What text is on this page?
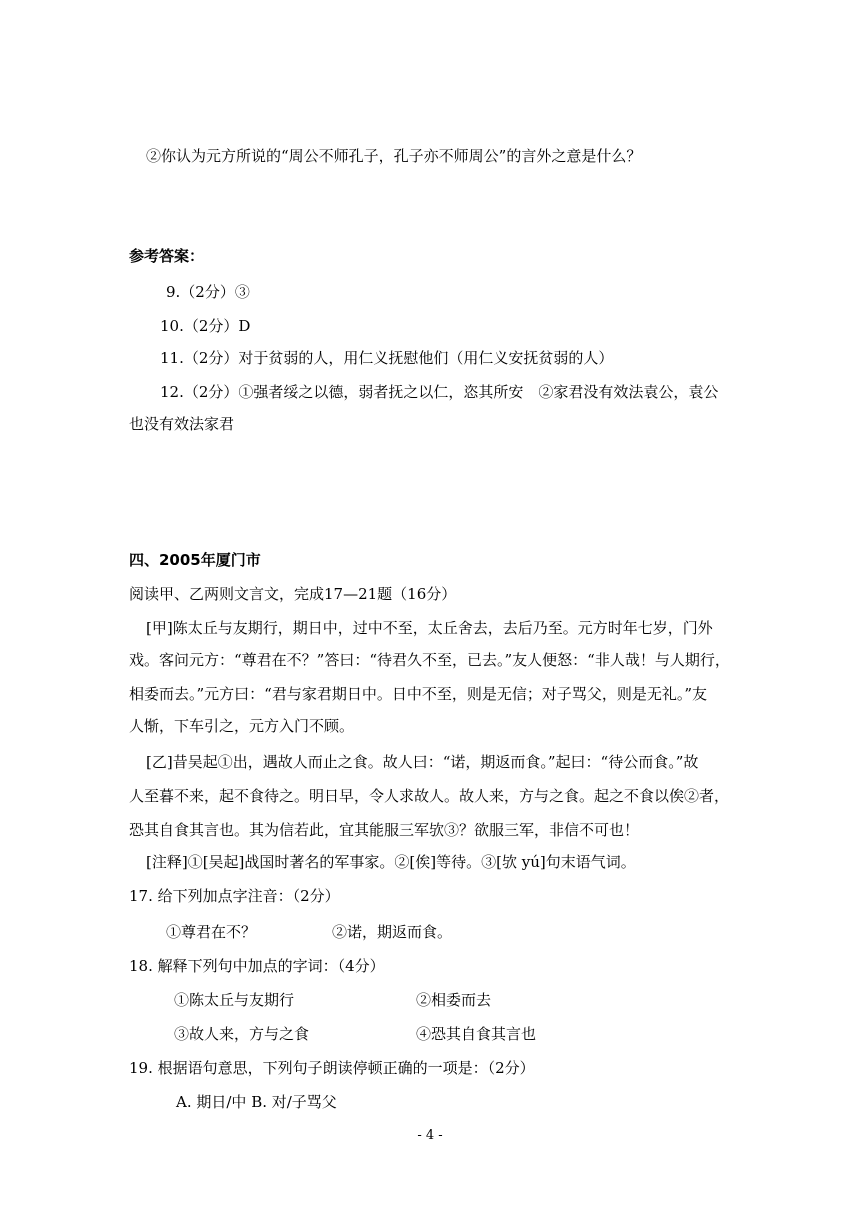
②你认为元方所说的“周公不师孔子，孔子亦不师周公”的言外之意是什么？
参考答案：
9.（2分）③
10.（2分）D
11.（2分）对于贫弱的人，用仁义抚慰他们（用仁义安抚贫弱的人）
12.（2分）①强者绥之以德，弱者抚之以仁，恣其所安　②家君没有效法袁公，袁公
也没有效法家君
四、2005年厦门市
阅读甲、乙两则文言文，完成17—21题（16分）
[甲]陈太丘与友期行，期日中，过中不至，太丘舍去，去后乃至。元方时年七岁，门外
戏。客问元方：“尊君在不？”答曰：“待君久不至，已去。”友人便怒：“非人哉！与人期行，
相委而去。”元方曰：“君与家君期日中。日中不至，则是无信；对子骂父，则是无礼。”友
人惭，下车引之，元方入门不顾。
[乙]昔吴起①出，遇故人而止之食。故人曰：“诺，期返而食。”起曰：“待公而食。”故
人至暮不来，起不食待之。明日早，令人求故人。故人来，方与之食。起之不食以俟②者，
恐其自食其言也。其为信若此，宜其能服三军欤③？欲服三军，非信不可也！
[注释]①[吴起]战国时著名的军事家。②[俟]等待。③[欤 yú]句末语气词。
17. 给下列加点字注音：（2分）
①尊君在不？	②诺，期返而食。
18. 解释下列句中加点的字词：（4分）
①陈太丘与友期行	②相委而去
③故人来，方与之食	④恐其自食其言也
19. 根据语句意思，下列句子朗读停顿正确的一项是：（2分）
A. 期日/中 B. 对/子骂父
- 4 -
